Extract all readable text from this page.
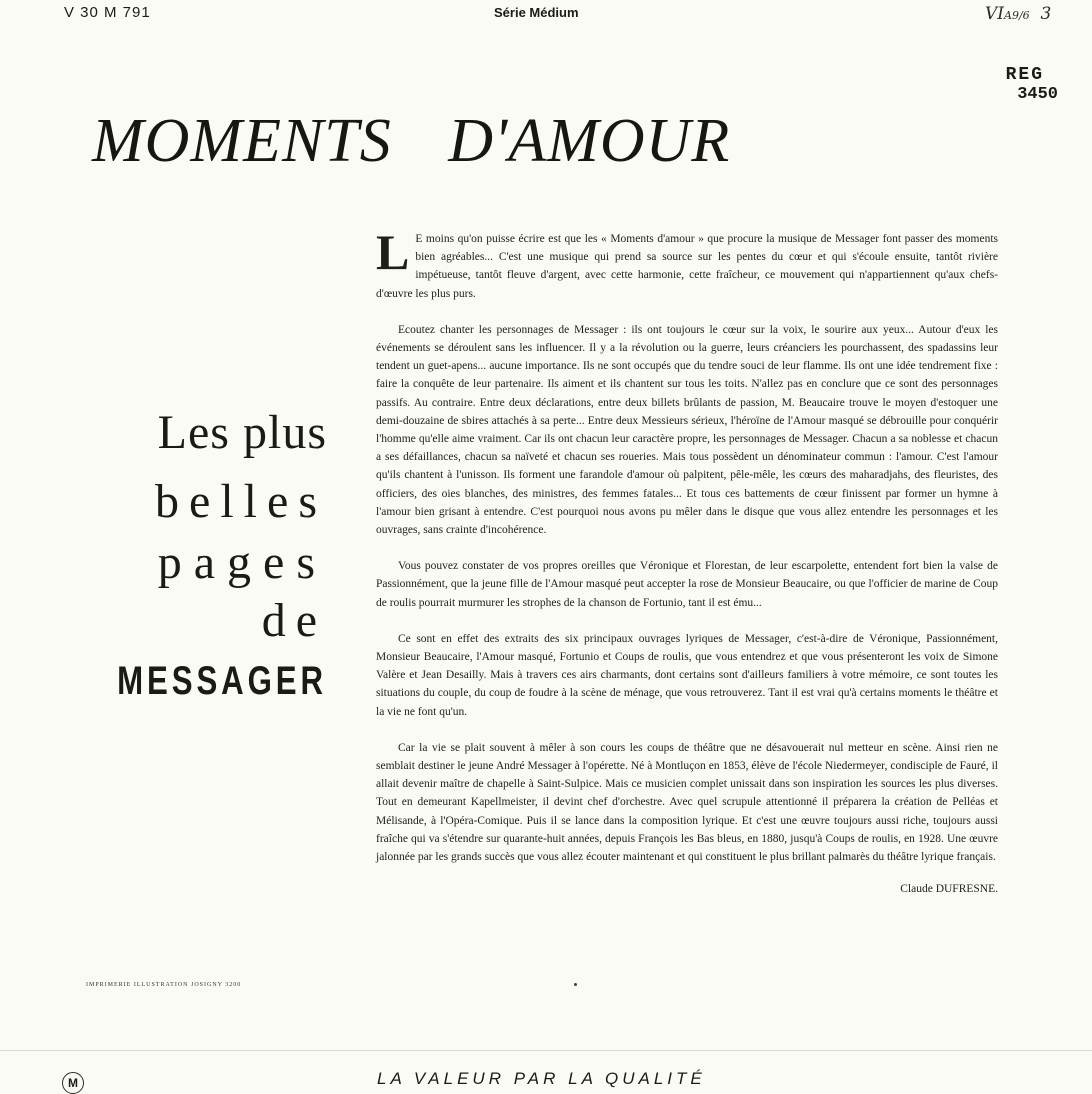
V 30 M 791	Série Médium	VIA9/6 3
REG
3450
MOMENTS D'AMOUR
Les plus
belles
pages
de
MESSAGER

L E moins qu'on puisse écrire est que les « Moments d'amour » que procure la musique de Messager font passer des moments bien agréables... C'est une musique qui prend sa source sur les pentes du cœur et qui s'écoule ensuite, tantôt rivière impétueuse, tantôt fleuve d'argent, avec cette harmonie, cette fraîcheur, ce mouvement qui n'appartiennent qu'aux chefs-d'œuvre les plus purs.

Ecoutez chanter les personnages de Messager : ils ont toujours le cœur sur la voix, le sourire aux yeux... Autour d'eux les événements se déroulent sans les influencer. Il y a la révolution ou la guerre, leurs créanciers les pourchassent, des spadassins leur tendent un guet-apens... aucune importance. Ils ne sont occupés que du tendre souci de leur flamme. Ils ont une idée tendrement fixe : faire la conquête de leur partenaire. Ils aiment et ils chantent sur tous les toits. N'allez pas en conclure que ce sont des personnages passifs. Au contraire. Entre deux déclarations, entre deux billets brûlants de passion, M. Beaucaire trouve le moyen d'estoquer une demi-douzaine de sbires attachés à sa perte... Entre deux Messieurs sérieux, l'héroïne de l'Amour masqué se débrouille pour conquérir l'homme qu'elle aime vraiment. Car ils ont chacun leur caractère propre, les personnages de Messager. Chacun a sa noblesse et chacun a ses défaillances, chacun sa naïveté et chacun ses roueries. Mais tous possèdent un dénominateur commun : l'amour. C'est l'amour qu'ils chantent à l'unisson. Ils forment une farandole d'amour où palpitent, pêle-mêle, les cœurs des maharadjahs, des fleuristes, des officiers, des oies blanches, des ministres, des femmes fatales... Et tous ces battements de cœur finissent par former un hymne à l'amour bien grisant à entendre. C'est pourquoi nous avons pu mêler dans le disque que vous allez entendre les personnages et les ouvrages, sans crainte d'incohérence.

Vous pouvez constater de vos propres oreilles que Véronique et Florestan, de leur escarpolette, entendent fort bien la valse de Passionnément, que la jeune fille de l'Amour masqué peut accepter la rose de Monsieur Beaucaire, ou que l'officier de marine de Coup de roulis pourrait murmurer les strophes de la chanson de Fortunio, tant il est ému...

Ce sont en effet des extraits des six principaux ouvrages lyriques de Messager, c'est-à-dire de Véronique, Passionnément, Monsieur Beaucaire, l'Amour masqué, Fortunio et Coups de roulis, que vous entendrez et que vous présenteront les voix de Simone Valère et Jean Desailly. Mais à travers ces airs charmants, dont certains sont d'ailleurs familiers à votre mémoire, ce sont toutes les situations du couple, du coup de foudre à la scène de ménage, que vous retrouverez. Tant il est vrai qu'à certains moments le théâtre et la vie ne font qu'un.

Car la vie se plait souvent à mêler à son cours les coups de théâtre que ne désavouerait nul metteur en scène. Ainsi rien ne semblait destiner le jeune André Messager à l'opérette. Né à Montluçon en 1853, élève de l'école Niedermeyer, condisciple de Fauré, il allait devenir maître de chapelle à Saint-Sulpice. Mais ce musicien complet unissait dans son inspiration les sources les plus diverses. Tout en demeurant Kapellmeister, il devint chef d'orchestre. Avec quel scrupule attentionné il préparera la création de Pelléas et Mélisande, à l'Opéra-Comique. Puis il se lance dans la composition lyrique. Et c'est une œuvre toujours aussi riche, toujours aussi fraîche qui va s'étendre sur quarante-huit années, depuis François les Bas bleus, en 1880, jusqu'à Coups de roulis, en 1928. Une œuvre jalonnée par les grands succès que vous allez écouter maintenant et qui constituent le plus brillant palmarès du théâtre lyrique français.

Claude DUFRESNE.
IMPRIMERIE ILLUSTRATION JOSIGNY 3200
M	LA VALEUR PAR LA QUALITÉ
